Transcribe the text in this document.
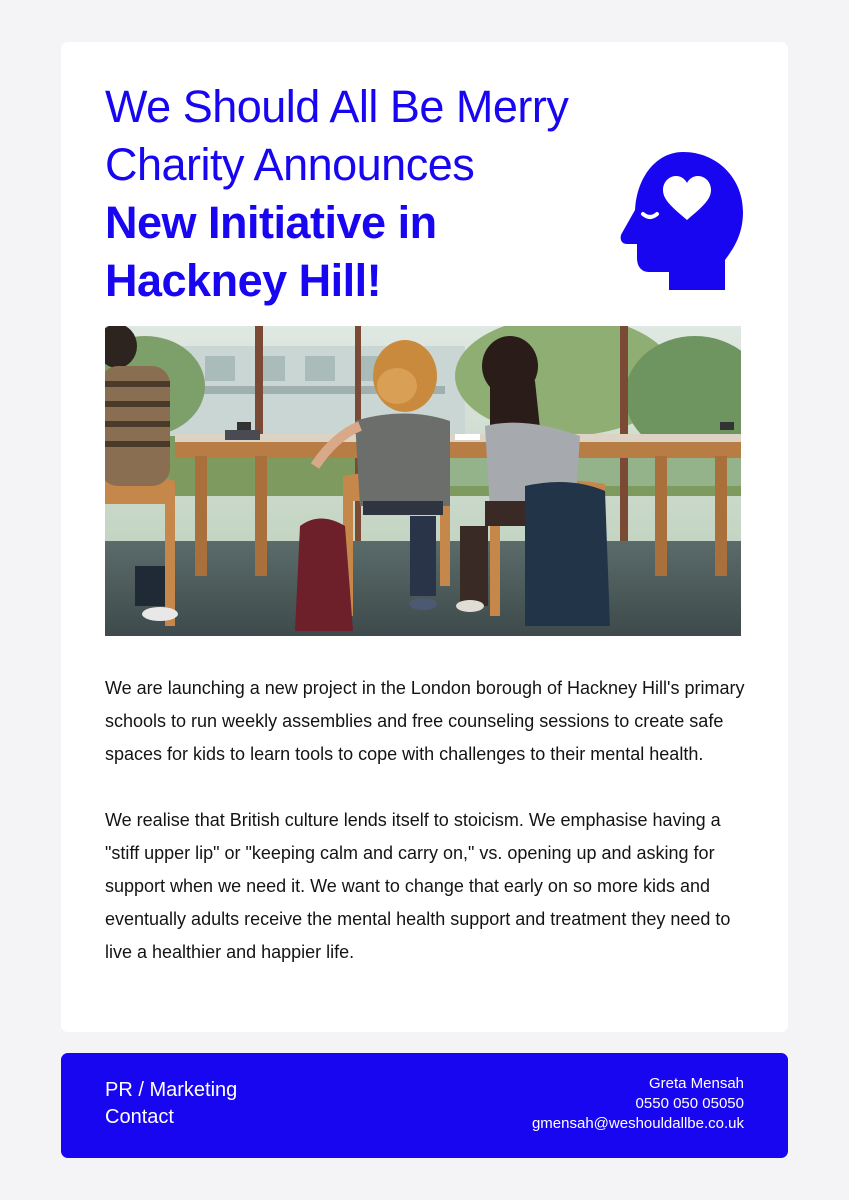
We Should All Be Merry
Charity Announces
New Initiative in
Hackney Hill!

We are launching a new project in the London borough of Hackney Hill's primary schools to run weekly assemblies and free counseling sessions to create safe spaces for kids to learn tools to cope with challenges to their mental health.

We realise that British culture lends itself to stoicism. We emphasise having a "stiff upper lip" or "keeping calm and carry on," vs. opening up and asking for support when we need it. We want to change that early on so more kids and eventually adults receive the mental health support and treatment they need to live a healthier and happier life.

PR / Marketing Contact
Greta Mensah
0550 050 05050
gmensah@weshouldallbe.co.uk
